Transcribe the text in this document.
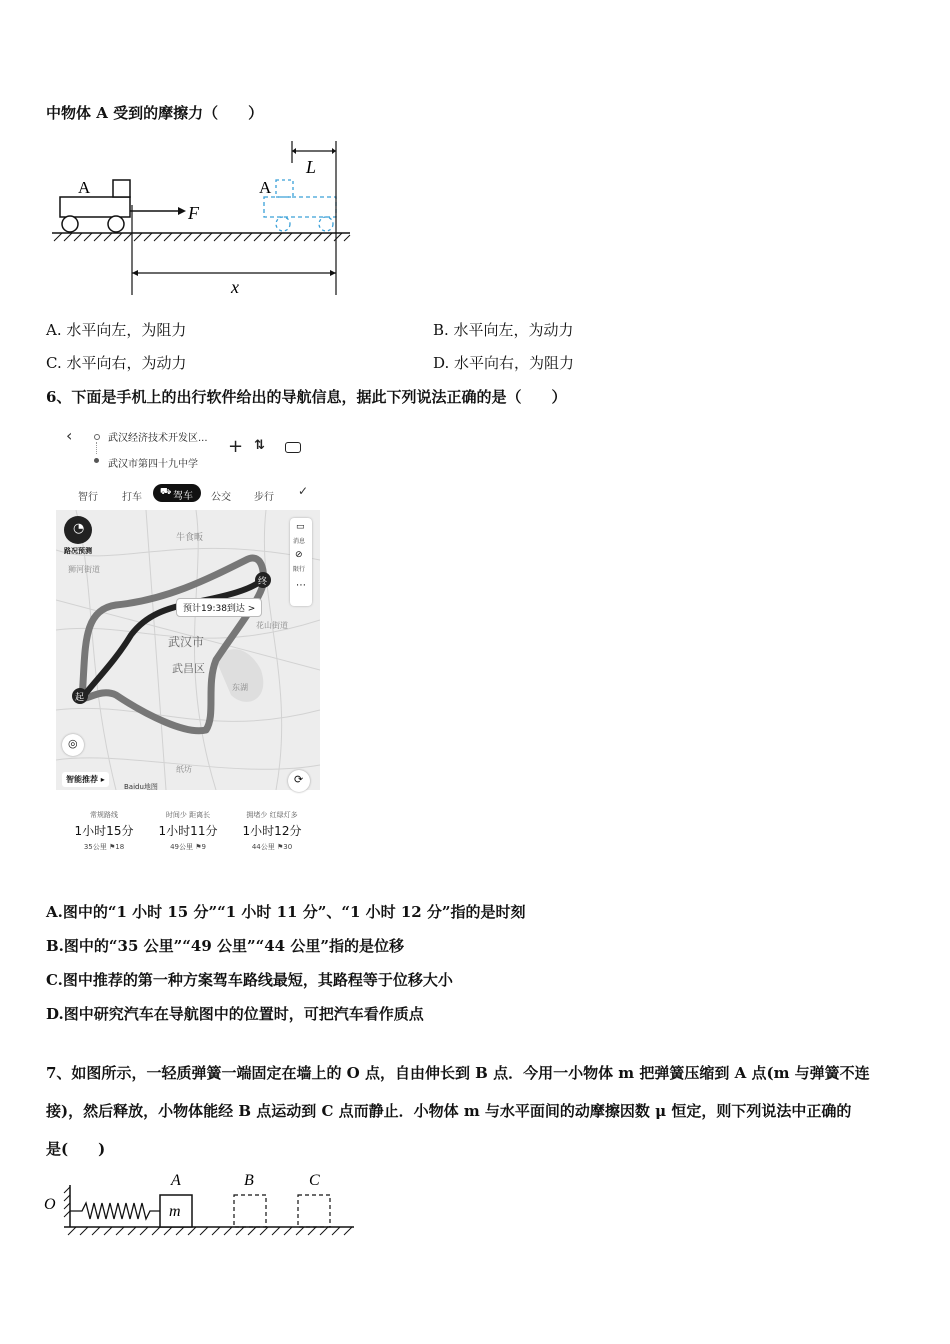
中物体 A 受到的摩擦力（　　）
A
F
A
L
x
A. 水平向左，为阻力	B. 水平向左，为动力
C. 水平向右，为动力	D. 水平向右，为阻力
6、下面是手机上的出行软件给出的导航信息，据此下列说法正确的是（　　）
‹	武汉经济技术开发区...
武汉市第四十九中学
+ ⇅
智行 打车 ⛟ 驾车 公交 步行 ✓
起
终
牛食畈
武汉市
武昌区
狮河街道
花山街道
东湖
纸坊
预计19:38到达 >
◔
路况预测
▭
消息
⊘
限行
⋯
◎
智能推荐 ▸
Baidu地图
⟳
常规路线
1小时15分
35公里 ⚑18
时间少 距离长
1小时11分
49公里 ⚑9
拥堵少 红绿灯多
1小时12分
44公里 ⚑30
A.图中的“1 小时 15 分”“1 小时 11 分”、“1 小时 12 分”指的是时刻
B.图中的“35 公里”“49 公里”“44 公里”指的是位移
C.图中推荐的第一种方案驾车路线最短，其路程等于位移大小
D.图中研究汽车在导航图中的位置时，可把汽车看作质点
7、如图所示，一轻质弹簧一端固定在墙上的 O 点，自由伸长到 B 点．今用一小物体 m 把弹簧压缩到 A 点(m 与弹簧不连
接)，然后释放，小物体能经 B 点运动到 C 点而静止．小物体 m 与水平面间的动摩擦因数 μ 恒定，则下列说法中正确的
是(　　)
O	m
A	B	C
